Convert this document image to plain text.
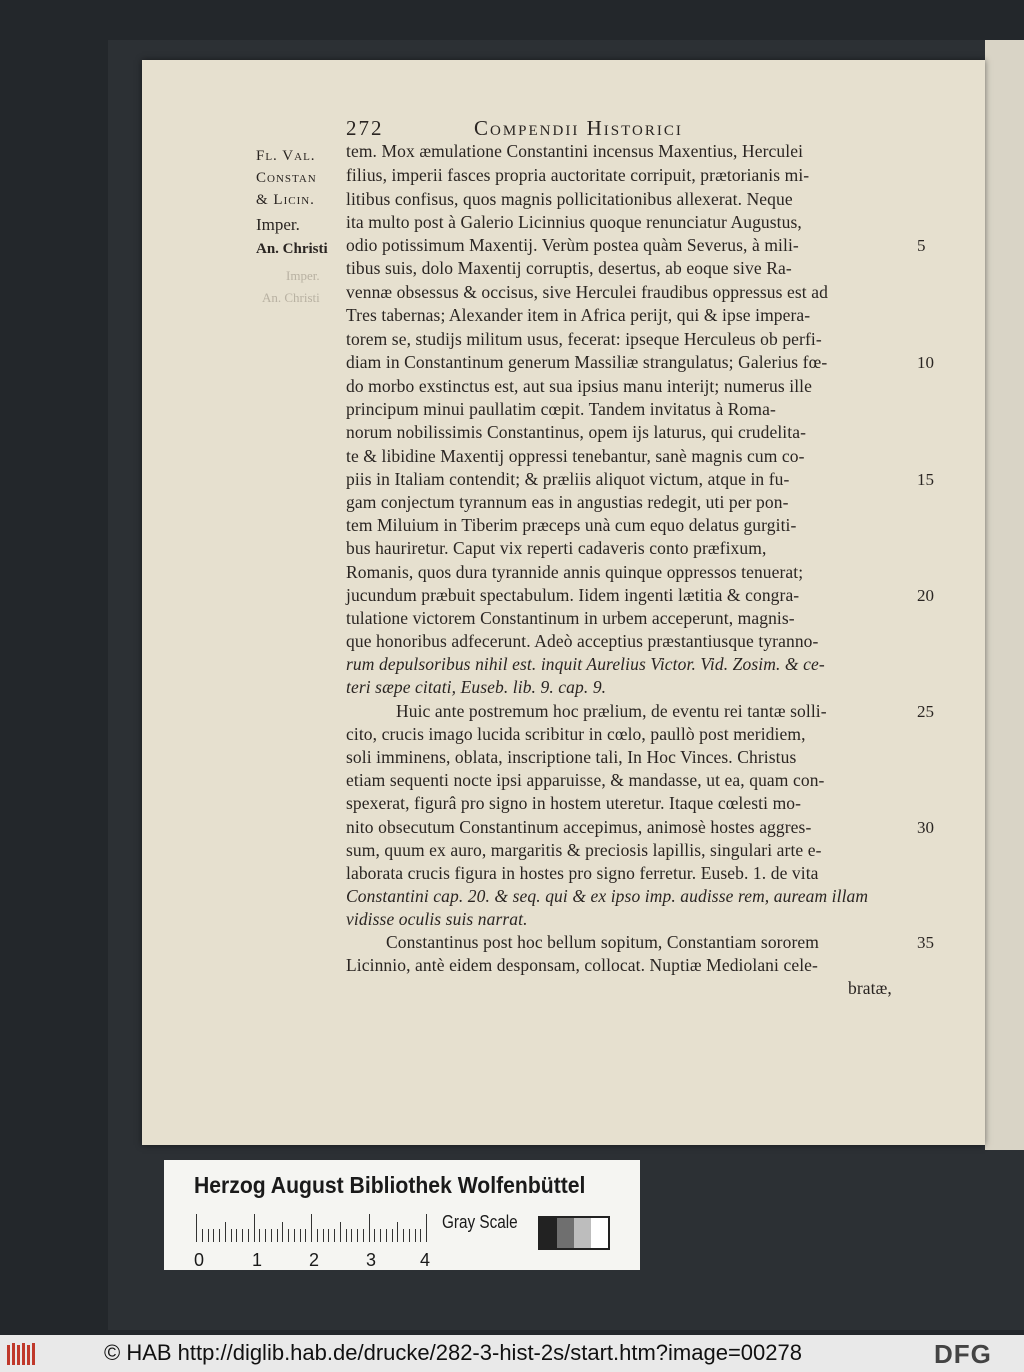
272	Compendii Historici
Fl. Val.
Constan
& Licin.
Imper.
An. Christi
Imper.
An. Christi
tem. Mox æmulatione Constantini incensus Maxentius, Herculei
filius, imperii fasces propria auctoritate corripuit, prætorianis mi-
litibus confisus, quos magnis pollicitationibus allexerat. Neque
ita multo post à Galerio Licinnius quoque renunciatur Augustus,
odio potissimum Maxentij. Verùm postea quàm Severus, à mili-
tibus suis, dolo Maxentij corruptis, desertus, ab eoque sive Ra-
vennæ obsessus & occisus, sive Herculei fraudibus oppressus est ad
Tres tabernas; Alexander item in Africa perijt, qui & ipse impera-
torem se, studijs militum usus, fecerat: ipseque Herculeus ob perfi-
diam in Constantinum generum Massiliæ strangulatus; Galerius fœ-
do morbo exstinctus est, aut sua ipsius manu interijt; numerus ille
principum minui paullatim cœpit. Tandem invitatus à Roma-
norum nobilissimis Constantinus, opem ijs laturus, qui crudelita-
te & libidine Maxentij oppressi tenebantur, sanè magnis cum co-
piis in Italiam contendit; & præliis aliquot victum, atque in fu-
gam conjectum tyrannum eas in angustias redegit, uti per pon-
tem Miluium in Tiberim præceps unà cum equo delatus gurgiti-
bus hauriretur. Caput vix reperti cadaveris conto præfixum,
Romanis, quos dura tyrannide annis quinque oppressos tenuerat;
jucundum præbuit spectabulum. Iidem ingenti lætitia & congra-
tulatione victorem Constantinum in urbem acceperunt, magnis-
que honoribus adfecerunt. Adeò acceptius præstantiusque tyranno-
rum depulsoribus nihil est. inquit Aurelius Victor. Vid. Zosim. & ce-
teri sæpe citati, Euseb. lib. 9. cap. 9.
Huic ante postremum hoc prælium, de eventu rei tantæ solli-
cito, crucis imago lucida scribitur in cœlo, paullò post meridiem,
soli imminens, oblata, inscriptione tali, In Hoc Vinces. Christus
etiam sequenti nocte ipsi apparuisse, & mandasse, ut ea, quam con-
spexerat, figurâ pro signo in hostem uteretur. Itaque cœlesti mo-
nito obsecutum Constantinum accepimus, animosè hostes aggres-
sum, quum ex auro, margaritis & preciosis lapillis, singulari arte e-
laborata crucis figura in hostes pro signo ferretur. Euseb. 1. de vita
Constantini cap. 20. & seq. qui & ex ipso imp. audisse rem, auream illam
vidisse oculis suis narrat.
Constantinus post hoc bellum sopitum, Constantiam sororem
Licinnio, antè eidem desponsam, collocat. Nuptiæ Mediolani cele-
bratæ,
5
10
15
20
25
30
35
Herzog August Bibliothek Wolfenbüttel
0	1	2	3 4
Gray Scale
© HAB http://diglib.hab.de/drucke/282-3-hist-2s/start.htm?image=00278	DFG
